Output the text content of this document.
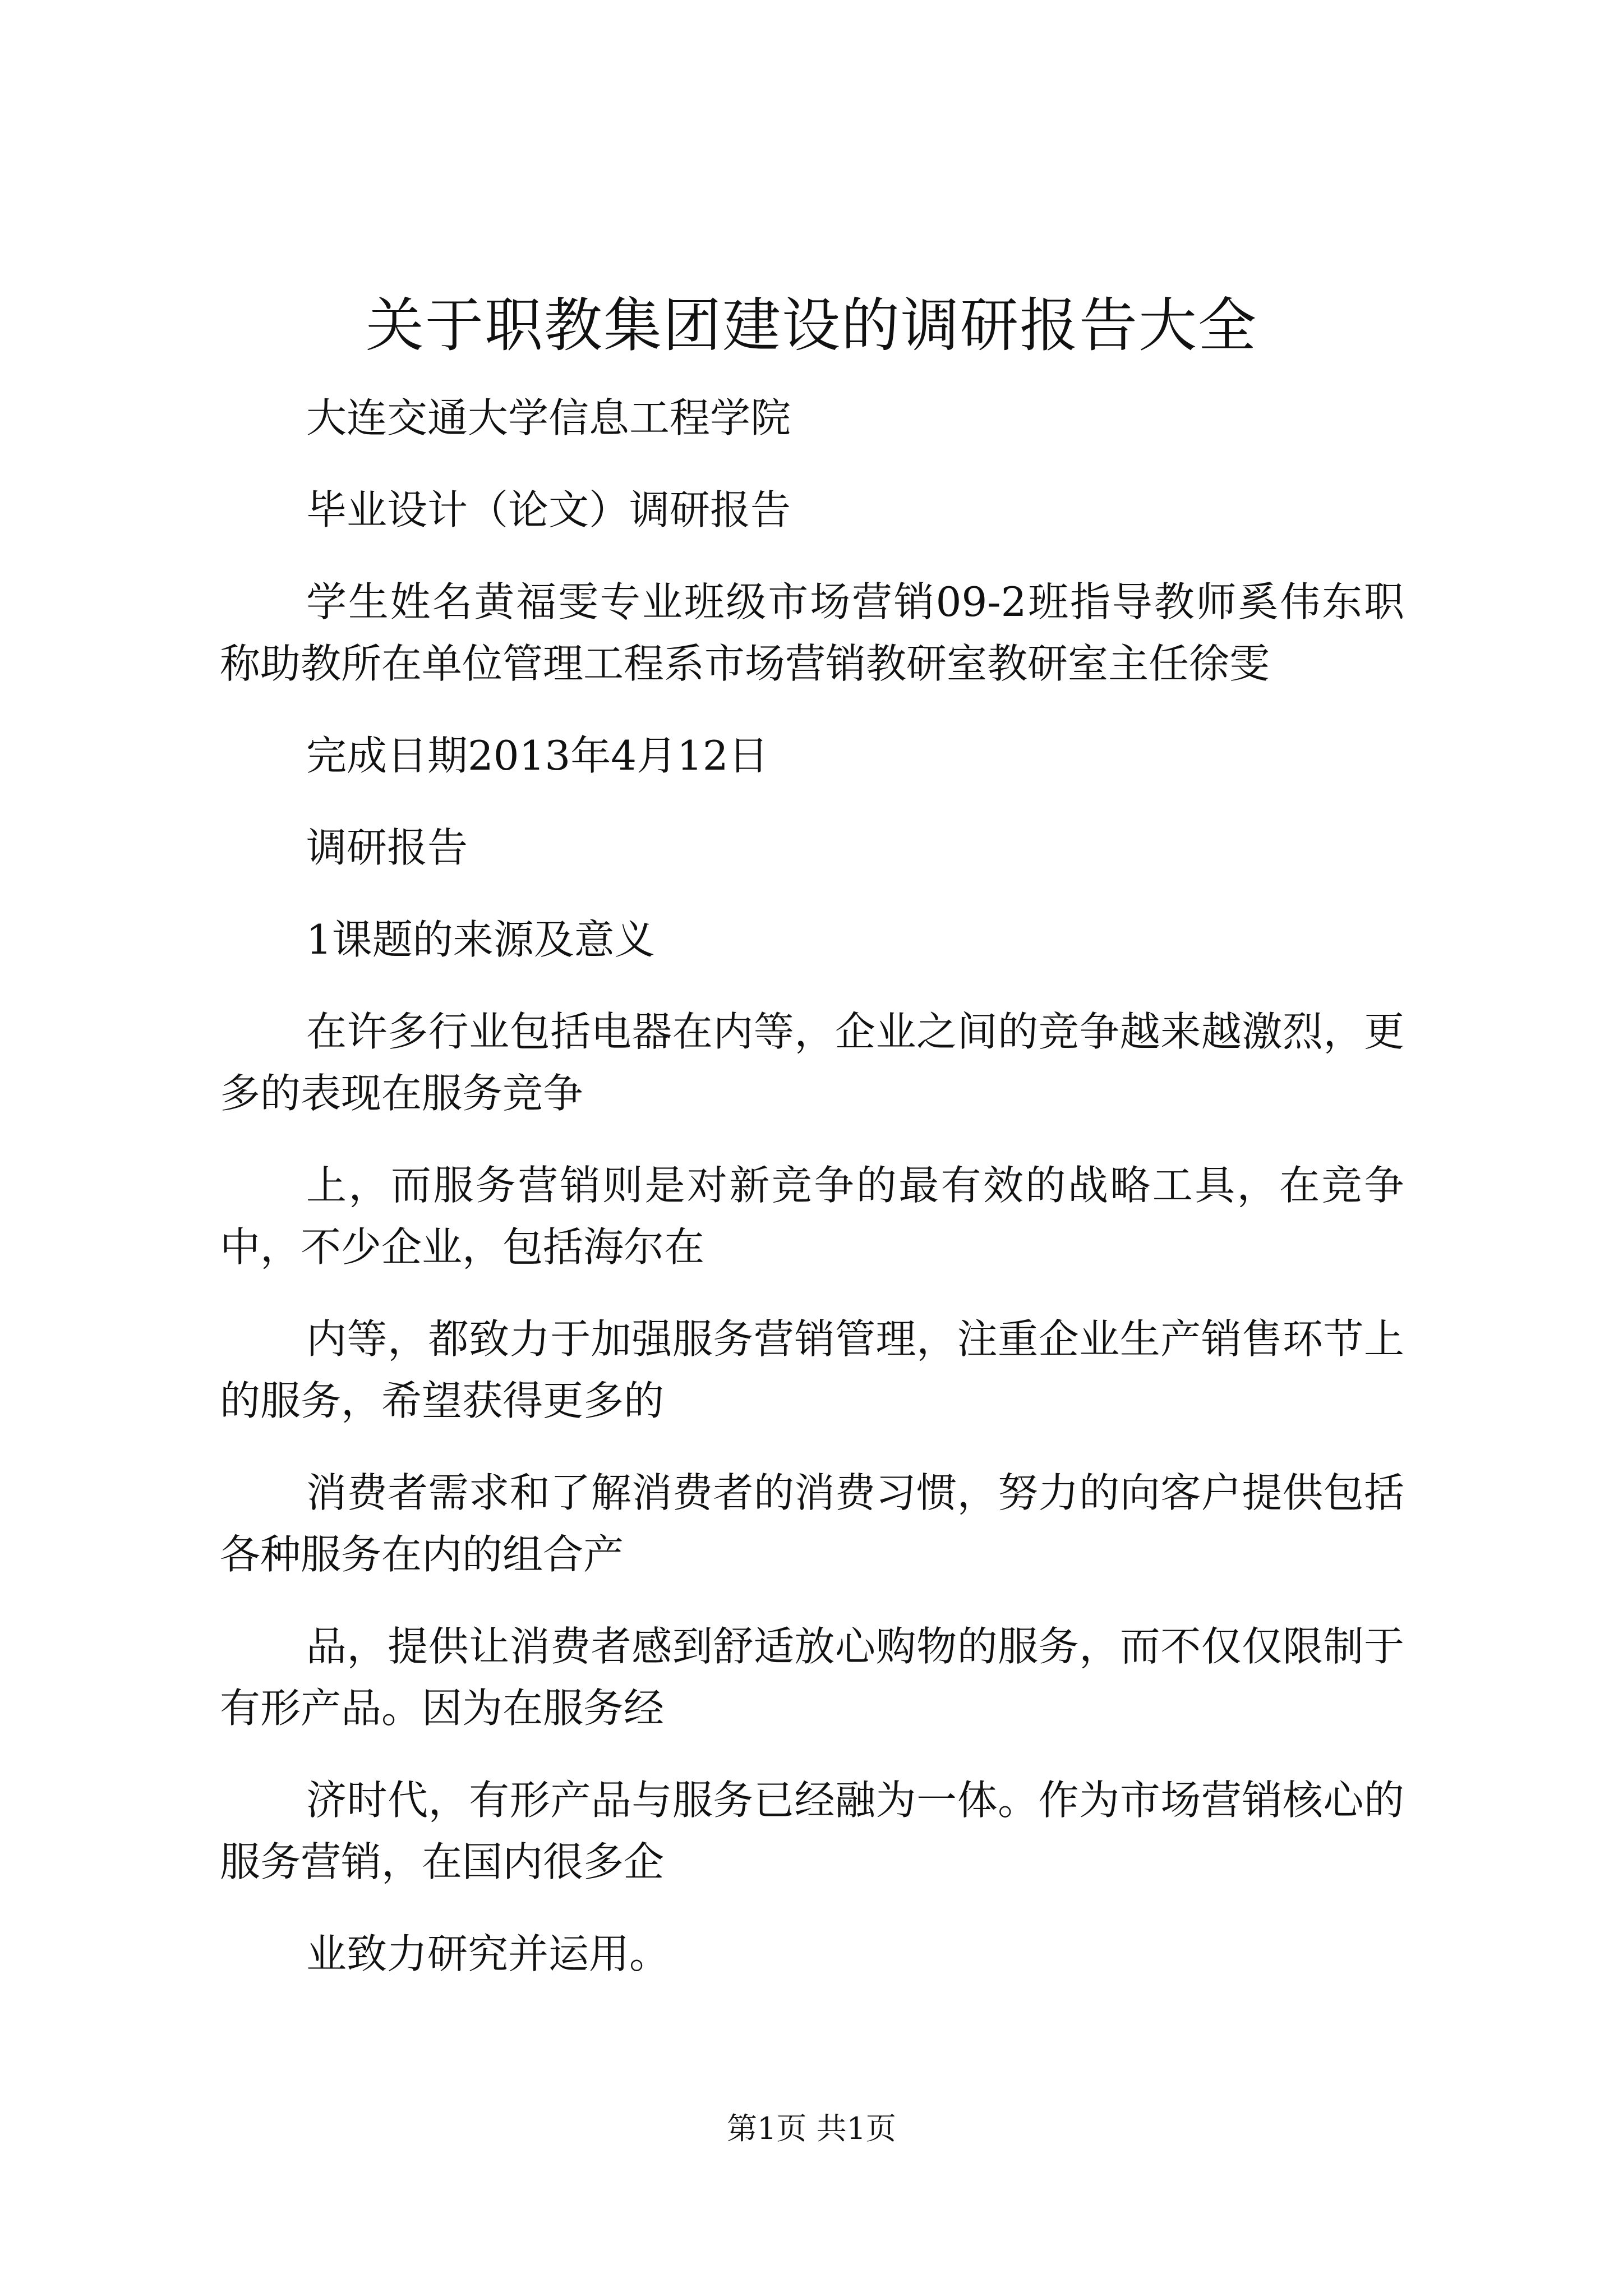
关于职教集团建设的调研报告大全

大连交通大学信息工程学院

毕业设计（论文）调研报告

学生姓名黄福雯专业班级市场营销09-2班指导教师奚伟东职称助教所在单位管理工程系市场营销教研室教研室主任徐雯

完成日期2013年4月12日

调研报告

1课题的来源及意义

在许多行业包括电器在内等，企业之间的竞争越来越激烈，更多的表现在服务竞争

上，而服务营销则是对新竞争的最有效的战略工具，在竞争中，不少企业，包括海尔在

内等，都致力于加强服务营销管理，注重企业生产销售环节上的服务，希望获得更多的

消费者需求和了解消费者的消费习惯，努力的向客户提供包括各种服务在内的组合产

品，提供让消费者感到舒适放心购物的服务，而不仅仅限制于有形产品。因为在服务经

济时代，有形产品与服务已经融为一体。作为市场营销核心的服务营销，在国内很多企

业致力研究并运用。

第1页 共1页
